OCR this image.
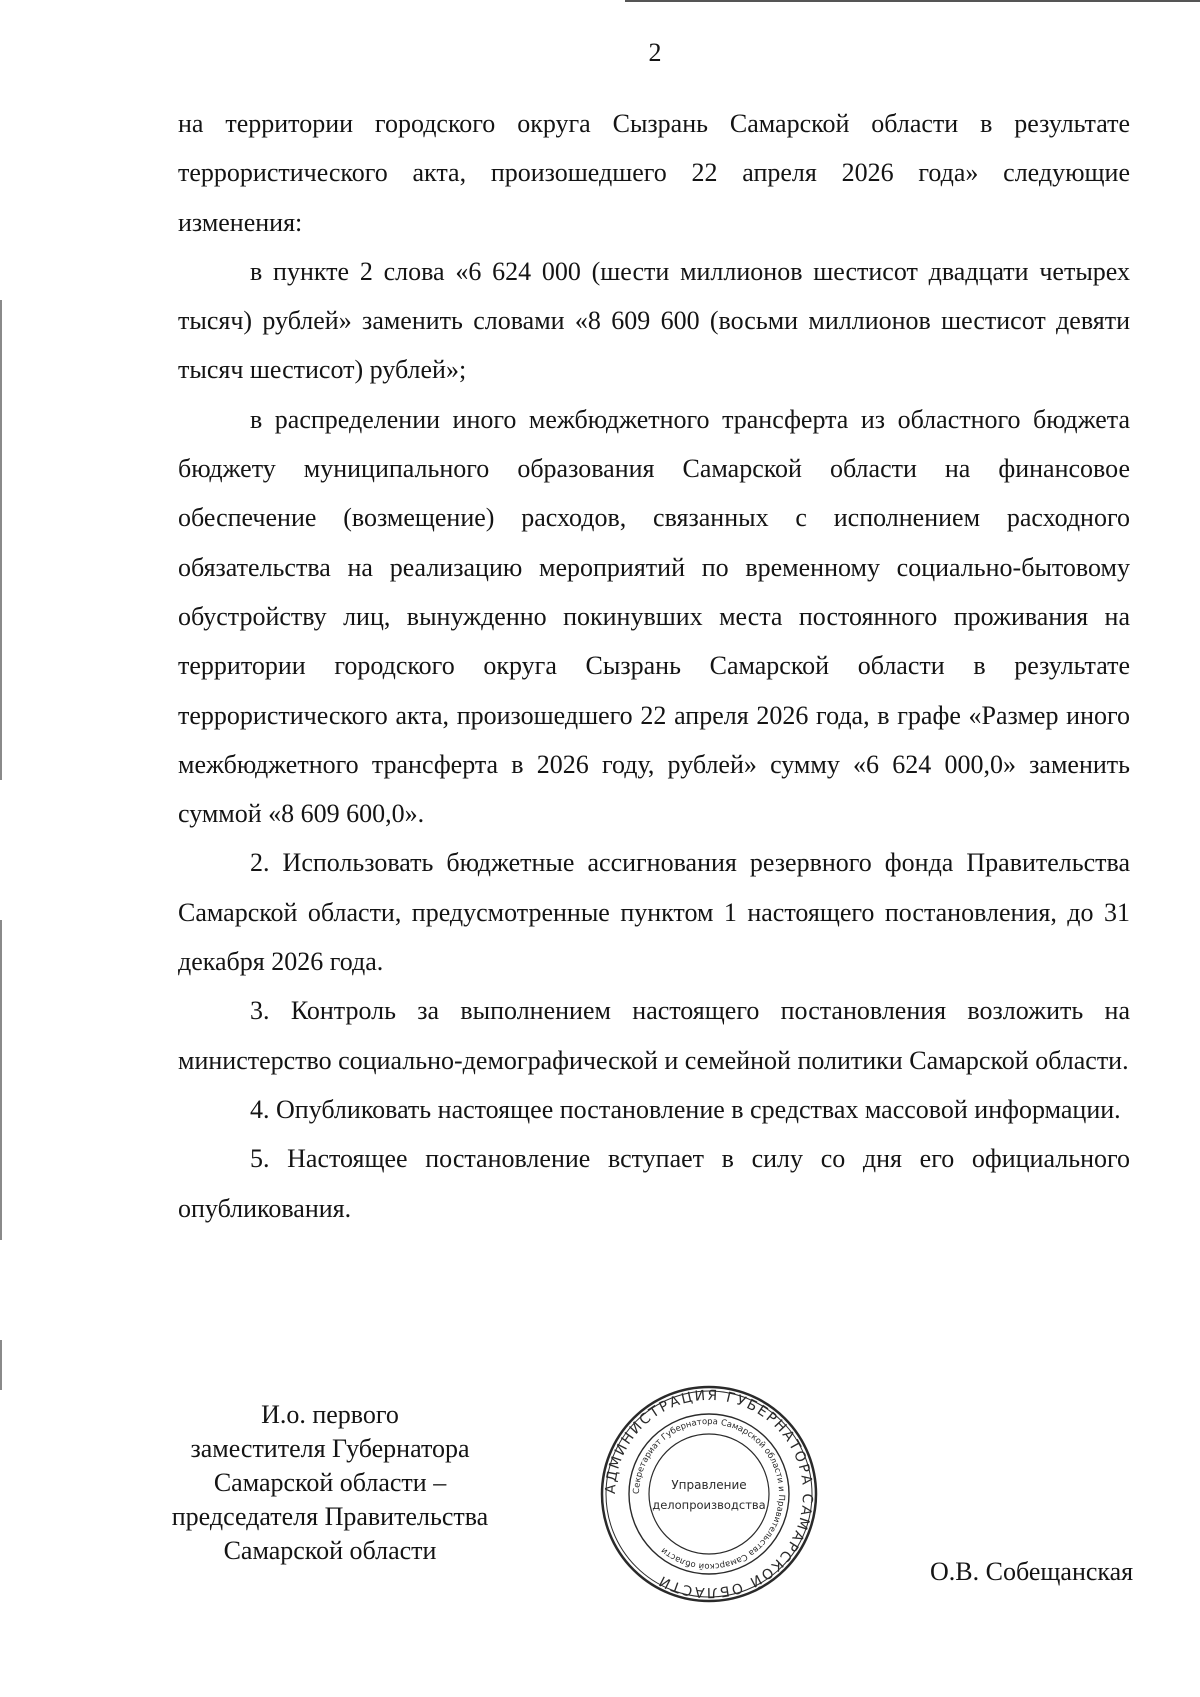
2

на территории городского округа Сызрань Самарской области в результате террористического акта, произошедшего 22 апреля 2026 года» следующие изменения:

в пункте 2 слова «6 624 000 (шести миллионов шестисот двадцати четырех тысяч) рублей» заменить словами «8 609 600 (восьми миллионов шестисот девяти тысяч шестисот) рублей»;

в распределении иного межбюджетного трансферта из областного бюджета бюджету муниципального образования Самарской области на финансовое обеспечение (возмещение) расходов, связанных с исполнением расходного обязательства на реализацию мероприятий по временному социально-бытовому обустройству лиц, вынужденно покинувших места постоянного проживания на территории городского округа Сызрань Самарской области в результате террористического акта, произошедшего 22 апреля 2026 года, в графе «Размер иного межбюджетного трансферта в 2026 году, рублей» сумму «6 624 000,0» заменить суммой «8 609 600,0».

2. Использовать бюджетные ассигнования резервного фонда Правительства Самарской области, предусмотренные пунктом 1 настоящего постановления, до 31 декабря 2026 года.

3. Контроль за выполнением настоящего постановления возложить на министерство социально-демографической и семейной политики Самарской области.

4. Опубликовать настоящее постановление в средствах массовой информации.

5. Настоящее постановление вступает в силу со дня его официального опубликования.

И.о. первого
заместителя Губернатора
Самарской области –
председателя Правительства
Самарской области
АДМИНИСТРАЦИЯ ГУБЕРНАТОРА САМАРСКОЙ ОБЛАСТИ
Секретариат Губернатора Самарской области и Правительства Самарской области
Управление
делопроизводства
О.В. Собещанская
